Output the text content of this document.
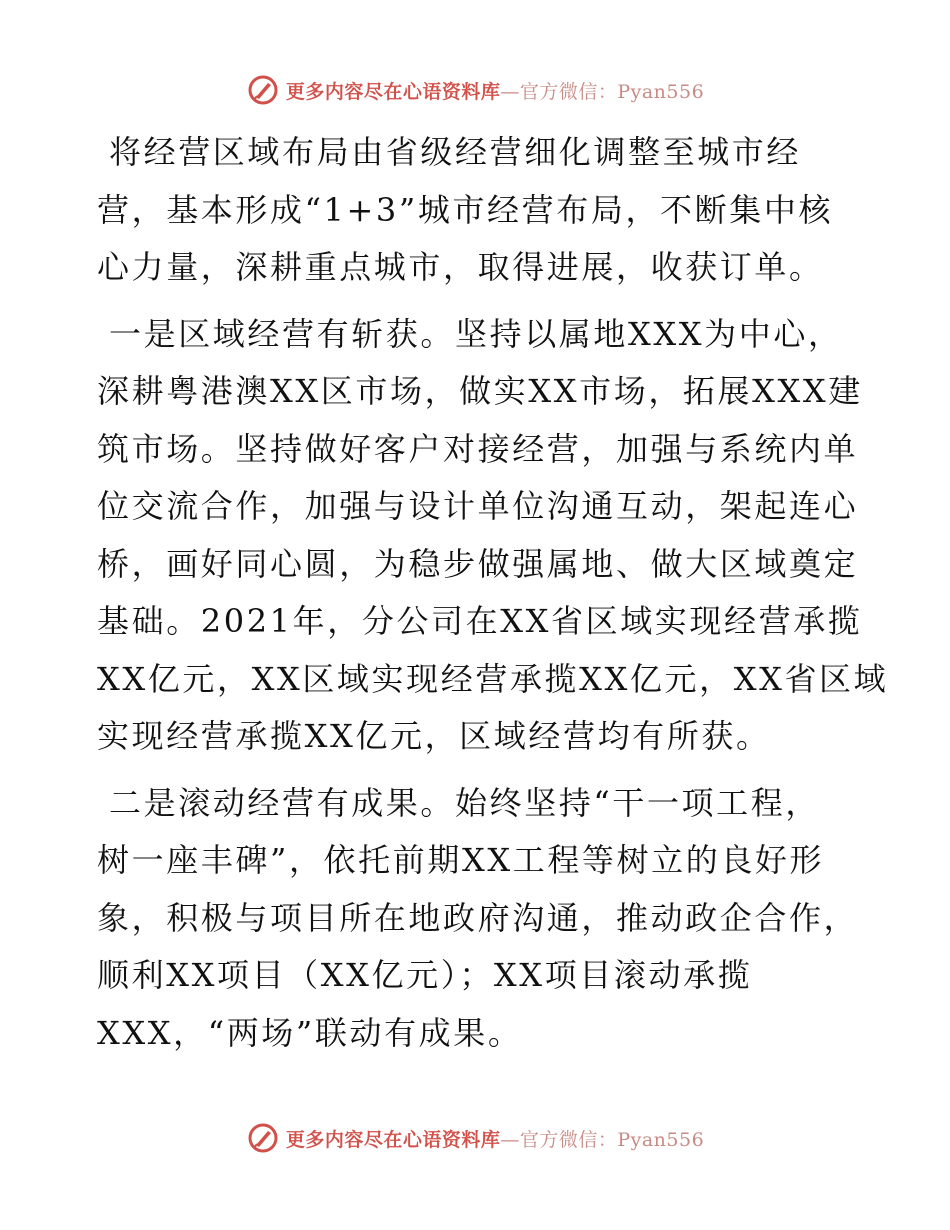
更多内容尽在心语资料库—官方微信：Pyan556

将经营区域布局由省级经营细化调整至城市经
营，基本形成“1+3”城市经营布局，不断集中核
心力量，深耕重点城市，取得进展，收获订单。

一是区域经营有斩获。坚持以属地XXX为中心，
深耕粤港澳XX区市场，做实XX市场，拓展XXX建
筑市场。坚持做好客户对接经营，加强与系统内单
位交流合作，加强与设计单位沟通互动，架起连心
桥，画好同心圆，为稳步做强属地、做大区域奠定
基础。2021年，分公司在XX省区域实现经营承揽
XX亿元，XX区域实现经营承揽XX亿元，XX省区域
实现经营承揽XX亿元，区域经营均有所获。

二是滚动经营有成果。始终坚持“干一项工程，
树一座丰碑”，依托前期XX工程等树立的良好形
象，积极与项目所在地政府沟通，推动政企合作，
顺利XX项目（XX亿元）；XX项目滚动承揽
XXX，“两场”联动有成果。

更多内容尽在心语资料库—官方微信：Pyan556
